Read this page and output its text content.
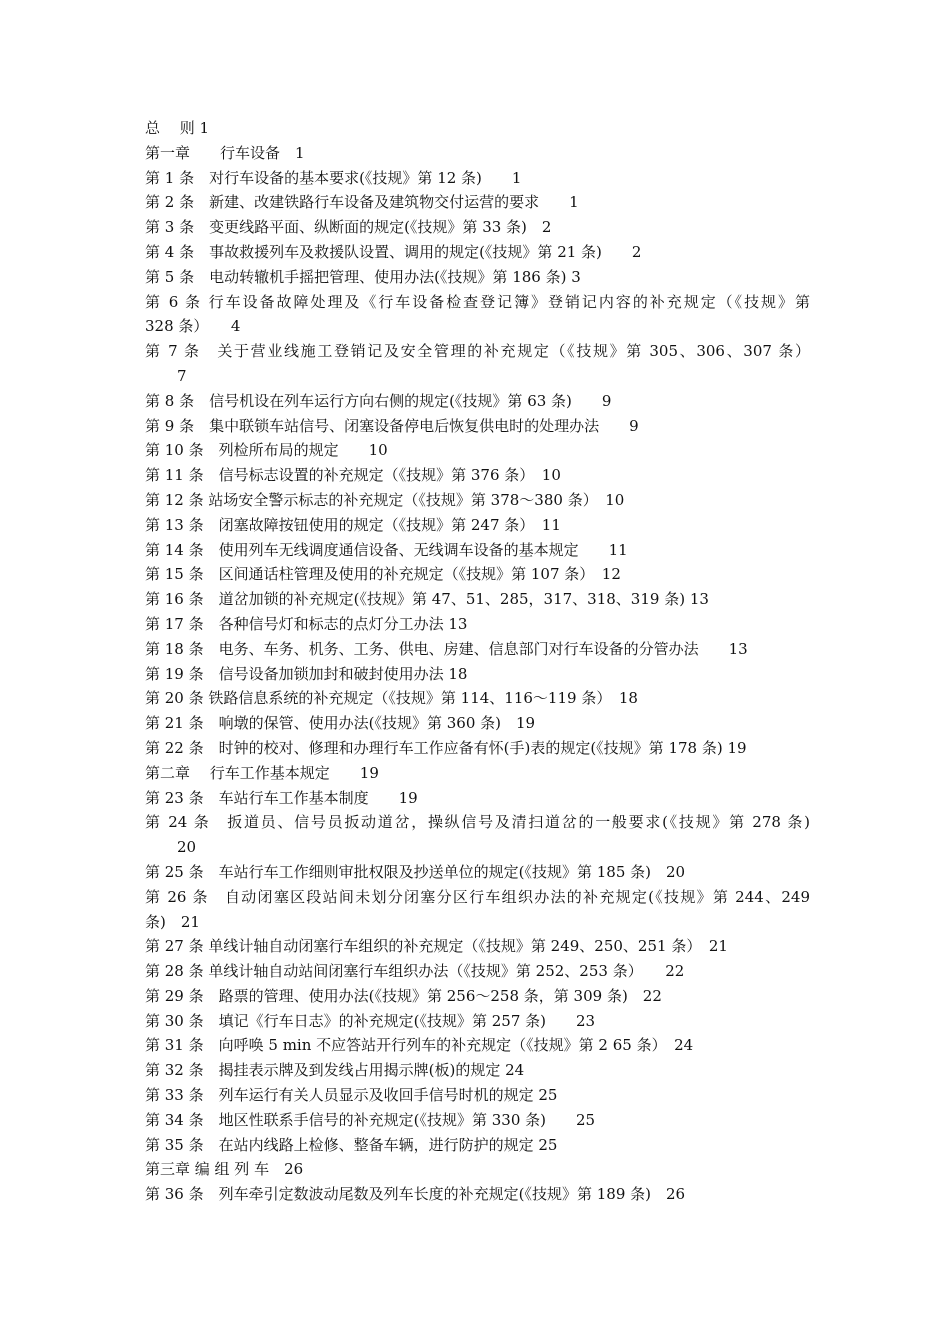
总　 则 1

第一章　　行车设备　1

第 1 条　对行车设备的基本要求(《技规》第 12 条)　　1

第 2 条　新建、改建铁路行车设备及建筑物交付运营的要求　　1

第 3 条　变更线路平面、纵断面的规定(《技规》第 33 条)　2

第 4 条　事故救援列车及救援队设置、调用的规定(《技规》第 21 条)　　2

第 5 条　电动转辙机手摇把管理、使用办法(《技规》第 186 条) 3

第 6 条 行车设备故障处理及《行车设备检查登记簿》登销记内容的补充规定（《技规》第

328 条）　　4

第 7 条　关于营业线施工登销记及安全管理的补充规定（《技规》第 305、306、307 条）

7

第 8 条　信号机设在列车运行方向右侧的规定(《技规》第 63 条)　　9

第 9 条　集中联锁车站信号、闭塞设备停电后恢复供电时的处理办法　　9

第 10 条　列检所布局的规定　　10

第 11 条　信号标志设置的补充规定（《技规》第 376 条）　10

第 12 条 站场安全警示标志的补充规定（《技规》第 378～380 条）　10

第 13 条　闭塞故障按钮使用的规定（《技规》第 247 条）　11

第 14 条　使用列车无线调度通信设备、无线调车设备的基本规定　　11

第 15 条　区间通话柱管理及使用的补充规定（《技规》第 107 条）　12

第 16 条　道岔加锁的补充规定(《技规》第 47、51、285，317、318、319 条) 13

第 17 条　各种信号灯和标志的点灯分工办法 13

第 18 条　电务、车务、机务、工务、供电、房建、信息部门对行车设备的分管办法　　13

第 19 条　信号设备加锁加封和破封使用办法 18

第 20 条 铁路信息系统的补充规定（《技规》第 114、116～119 条）　18

第 21 条　响墩的保管、使用办法(《技规》第 360 条)　19

第 22 条　时钟的校对、修理和办理行车工作应备有怀(手)表的规定(《技规》第 178 条) 19

第二章　 行车工作基本规定　　19

第 23 条　车站行车工作基本制度　　19

第 24 条　扳道员、信号员扳动道岔，操纵信号及清扫道岔的一般要求(《技规》第 278 条)

20

第 25 条　车站行车工作细则审批权限及抄送单位的规定(《技规》第 185 条)　20

第 26 条　自动闭塞区段站间未划分闭塞分区行车组织办法的补充规定(《技规》第 244、249

条)　21

第 27 条 单线计轴自动闭塞行车组织的补充规定（《技规》第 249、250、251 条）　21

第 28 条 单线计轴自动站间闭塞行车组织办法（《技规》第 252、253 条）　　22

第 29 条　路票的管理、使用办法(《技规》第 256～258 条，第 309 条)　22

第 30 条　填记《行车日志》的补充规定(《技规》第 257 条)　　23

第 31 条　向呼唤 5 min 不应答站开行列车的补充规定（《技规》第 2 65 条）　24

第 32 条　揭挂表示牌及到发线占用揭示牌(板)的规定 24

第 33 条　列车运行有关人员显示及收回手信号时机的规定 25

第 34 条　地区性联系手信号的补充规定(《技规》第 330 条)　　25

第 35 条　在站内线路上检修、整备车辆，进行防护的规定 25

第三章 编 组 列 车　26

第 36 条　列车牵引定数波动尾数及列车长度的补充规定(《技规》第 189 条)　26
